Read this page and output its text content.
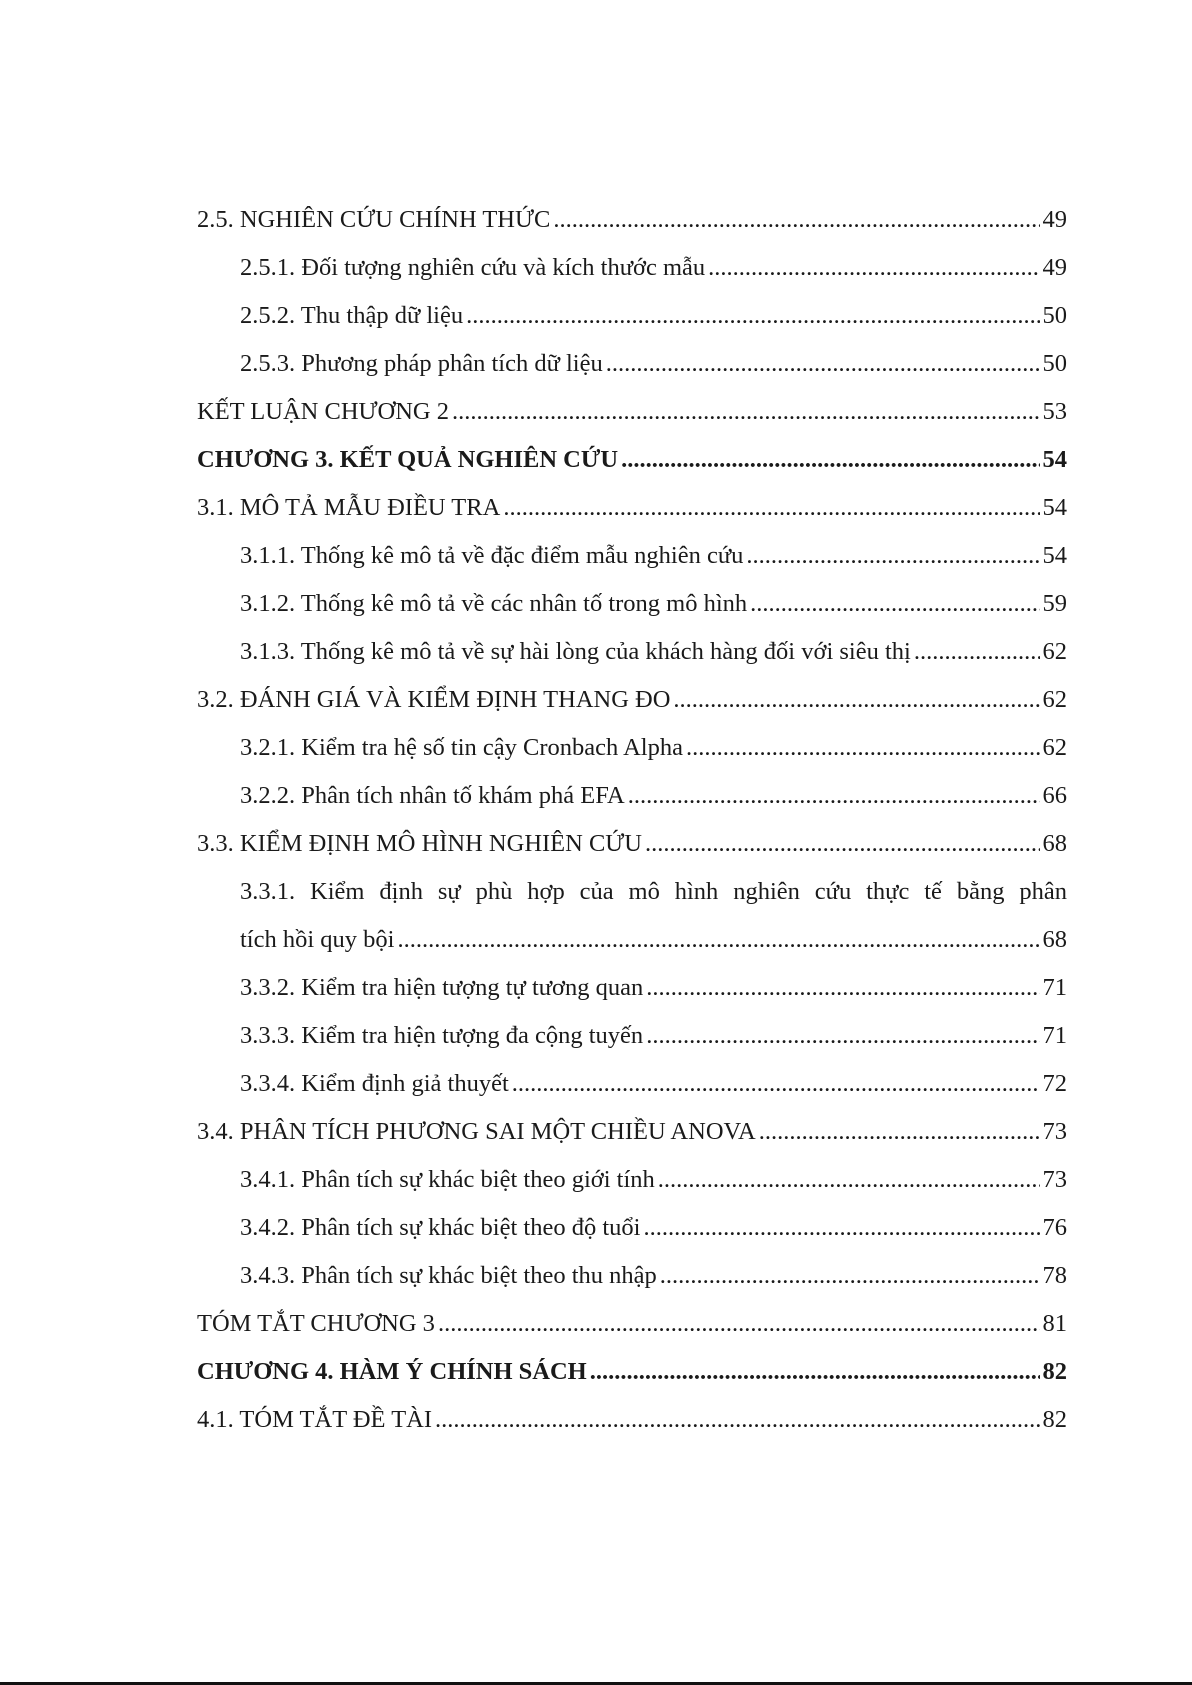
2.5. NGHIÊN CỨU CHÍNH THỨC .....	49
2.5.1. Đối tượng nghiên cứu và kích thước mẫu .....	49
2.5.2. Thu thập dữ liệu .....	50
2.5.3. Phương pháp phân tích dữ liệu .....	50
KẾT LUẬN CHƯƠNG 2 .....	53
CHƯƠNG 3. KẾT QUẢ NGHIÊN CỨU .....	54
3.1. MÔ TẢ MẪU ĐIỀU TRA .....	54
3.1.1. Thống kê mô tả về đặc điểm mẫu nghiên cứu .....	54
3.1.2. Thống kê mô tả về các nhân tố trong mô hình .....	59
3.1.3. Thống kê mô tả về sự hài lòng của khách hàng đối với siêu thị .....	62
3.2. ĐÁNH GIÁ VÀ KIỂM ĐỊNH THANG ĐO .....	62
3.2.1. Kiểm tra hệ số tin cậy Cronbach Alpha .....	62
3.2.2. Phân tích nhân tố khám phá EFA .....	66
3.3. KIỂM ĐỊNH MÔ HÌNH NGHIÊN CỨU .....	68
3.3.1. Kiểm định sự phù hợp của mô hình nghiên cứu thực tế bằng phân
tích hồi quy bội .....	68
3.3.2. Kiểm tra hiện tượng tự tương quan .....	71
3.3.3. Kiểm tra hiện tượng đa cộng tuyến .....	71
3.3.4. Kiểm định giả thuyết .....	72
3.4. PHÂN TÍCH PHƯƠNG SAI MỘT CHIỀU ANOVA .....	73
3.4.1. Phân tích sự khác biệt theo giới tính .....	73
3.4.2. Phân tích sự khác biệt theo độ tuổi .....	76
3.4.3. Phân tích sự khác biệt theo thu nhập .....	78
TÓM TẮT CHƯƠNG 3 .....	81
CHƯƠNG 4. HÀM Ý CHÍNH SÁCH .....	82
4.1. TÓM TẮT ĐỀ TÀI .....	82
